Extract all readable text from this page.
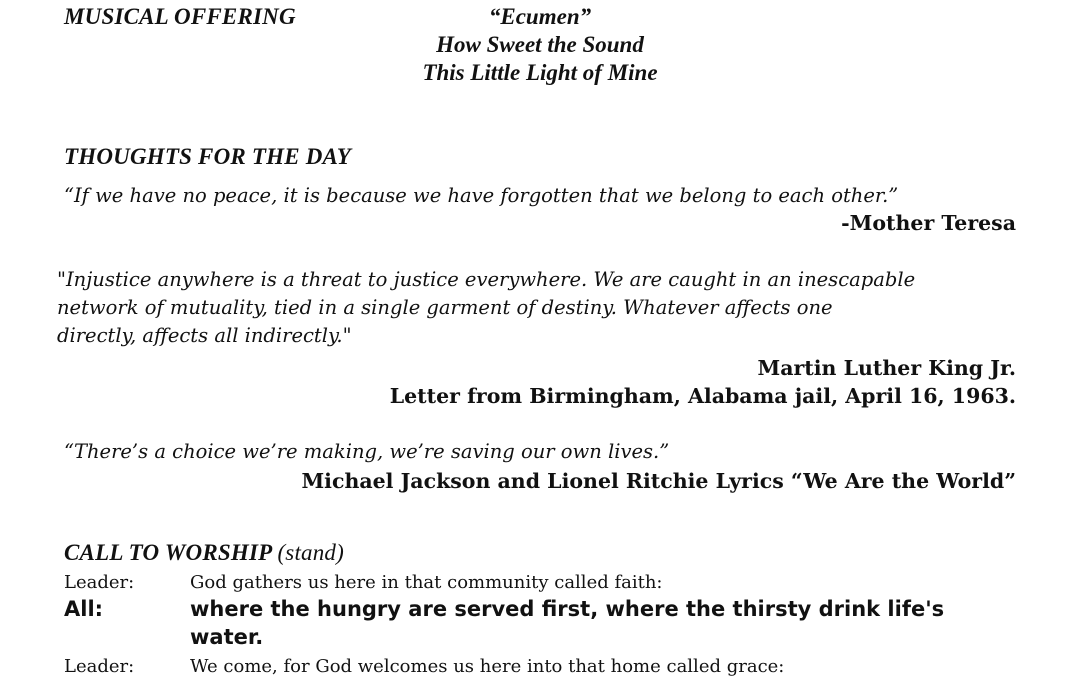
MUSICAL OFFERING	“Ecumen”
How Sweet the Sound
This Little Light of Mine
THOUGHTS FOR THE DAY
“If we have no peace, it is because we have forgotten that we belong to each other.”
-Mother Teresa
"Injustice anywhere is a threat to justice everywhere. We are caught in an inescapable
network of mutuality, tied in a single garment of destiny. Whatever affects one
directly, affects all indirectly."
Martin Luther King Jr.
Letter from Birmingham, Alabama jail, April 16, 1963.
“There’s a choice we’re making, we’re saving our own lives.”
Michael Jackson and Lionel Ritchie Lyrics “We Are the World”
CALL TO WORSHIP (stand)
Leader:	God gathers us here in that community called faith:
All:	where the hungry are served first, where the thirsty drink life's
water.
Leader:	We come, for God welcomes us here into that home called grace:
